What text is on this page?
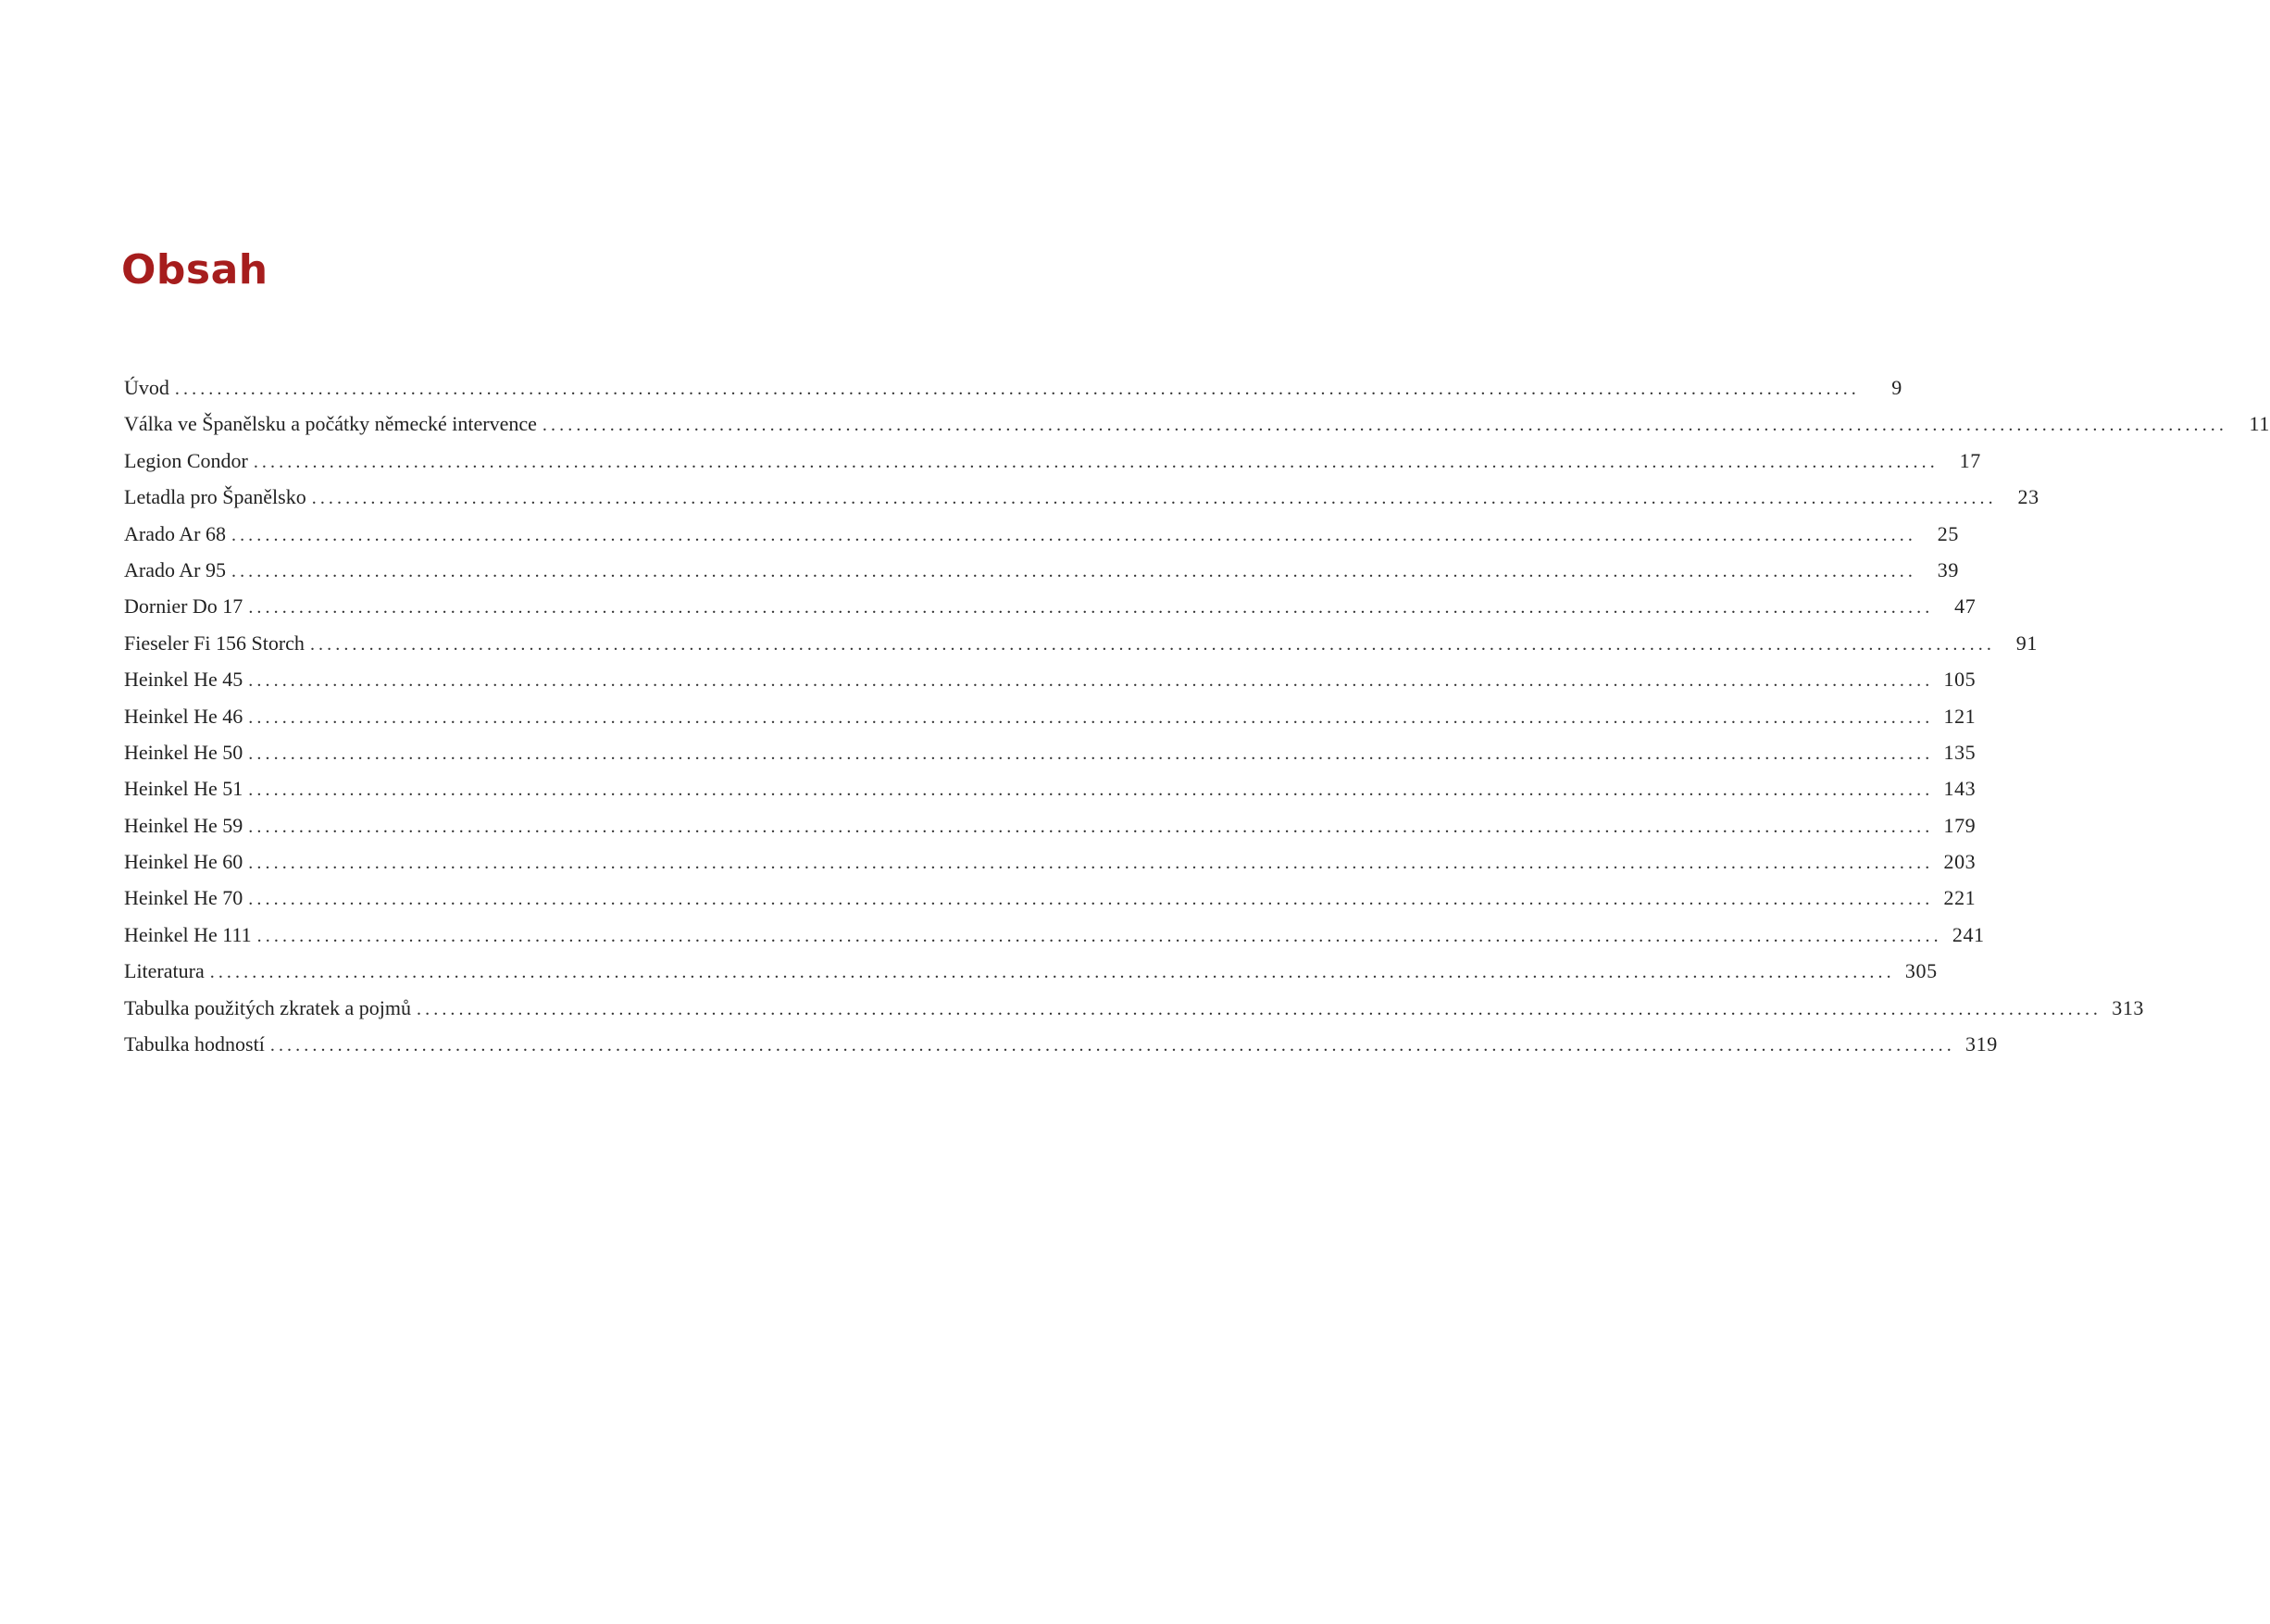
Obsah
Úvod ........................................................................................................................................................................................................	9
Válka ve Španělsku a počátky německé intervence ........................................................................................................................................................................................................	11
Legion Condor ........................................................................................................................................................................................................	17
Letadla pro Španělsko ........................................................................................................................................................................................................	23
Arado Ar 68 ........................................................................................................................................................................................................	25
Arado Ar 95 ........................................................................................................................................................................................................	39
Dornier Do 17 ........................................................................................................................................................................................................	47
Fieseler Fi 156 Storch ........................................................................................................................................................................................................	91
Heinkel He 45 ........................................................................................................................................................................................................ 105
Heinkel He 46 ........................................................................................................................................................................................................ 121
Heinkel He 50 ........................................................................................................................................................................................................ 135
Heinkel He 51 ........................................................................................................................................................................................................ 143
Heinkel He 59 ........................................................................................................................................................................................................ 179
Heinkel He 60 ........................................................................................................................................................................................................ 203
Heinkel He 70 ........................................................................................................................................................................................................ 221
Heinkel He 111 ........................................................................................................................................................................................................ 241
Literatura ........................................................................................................................................................................................................ 305
Tabulka použitých zkratek a pojmů ........................................................................................................................................................................................................ 313
Tabulka hodností ........................................................................................................................................................................................................ 319
